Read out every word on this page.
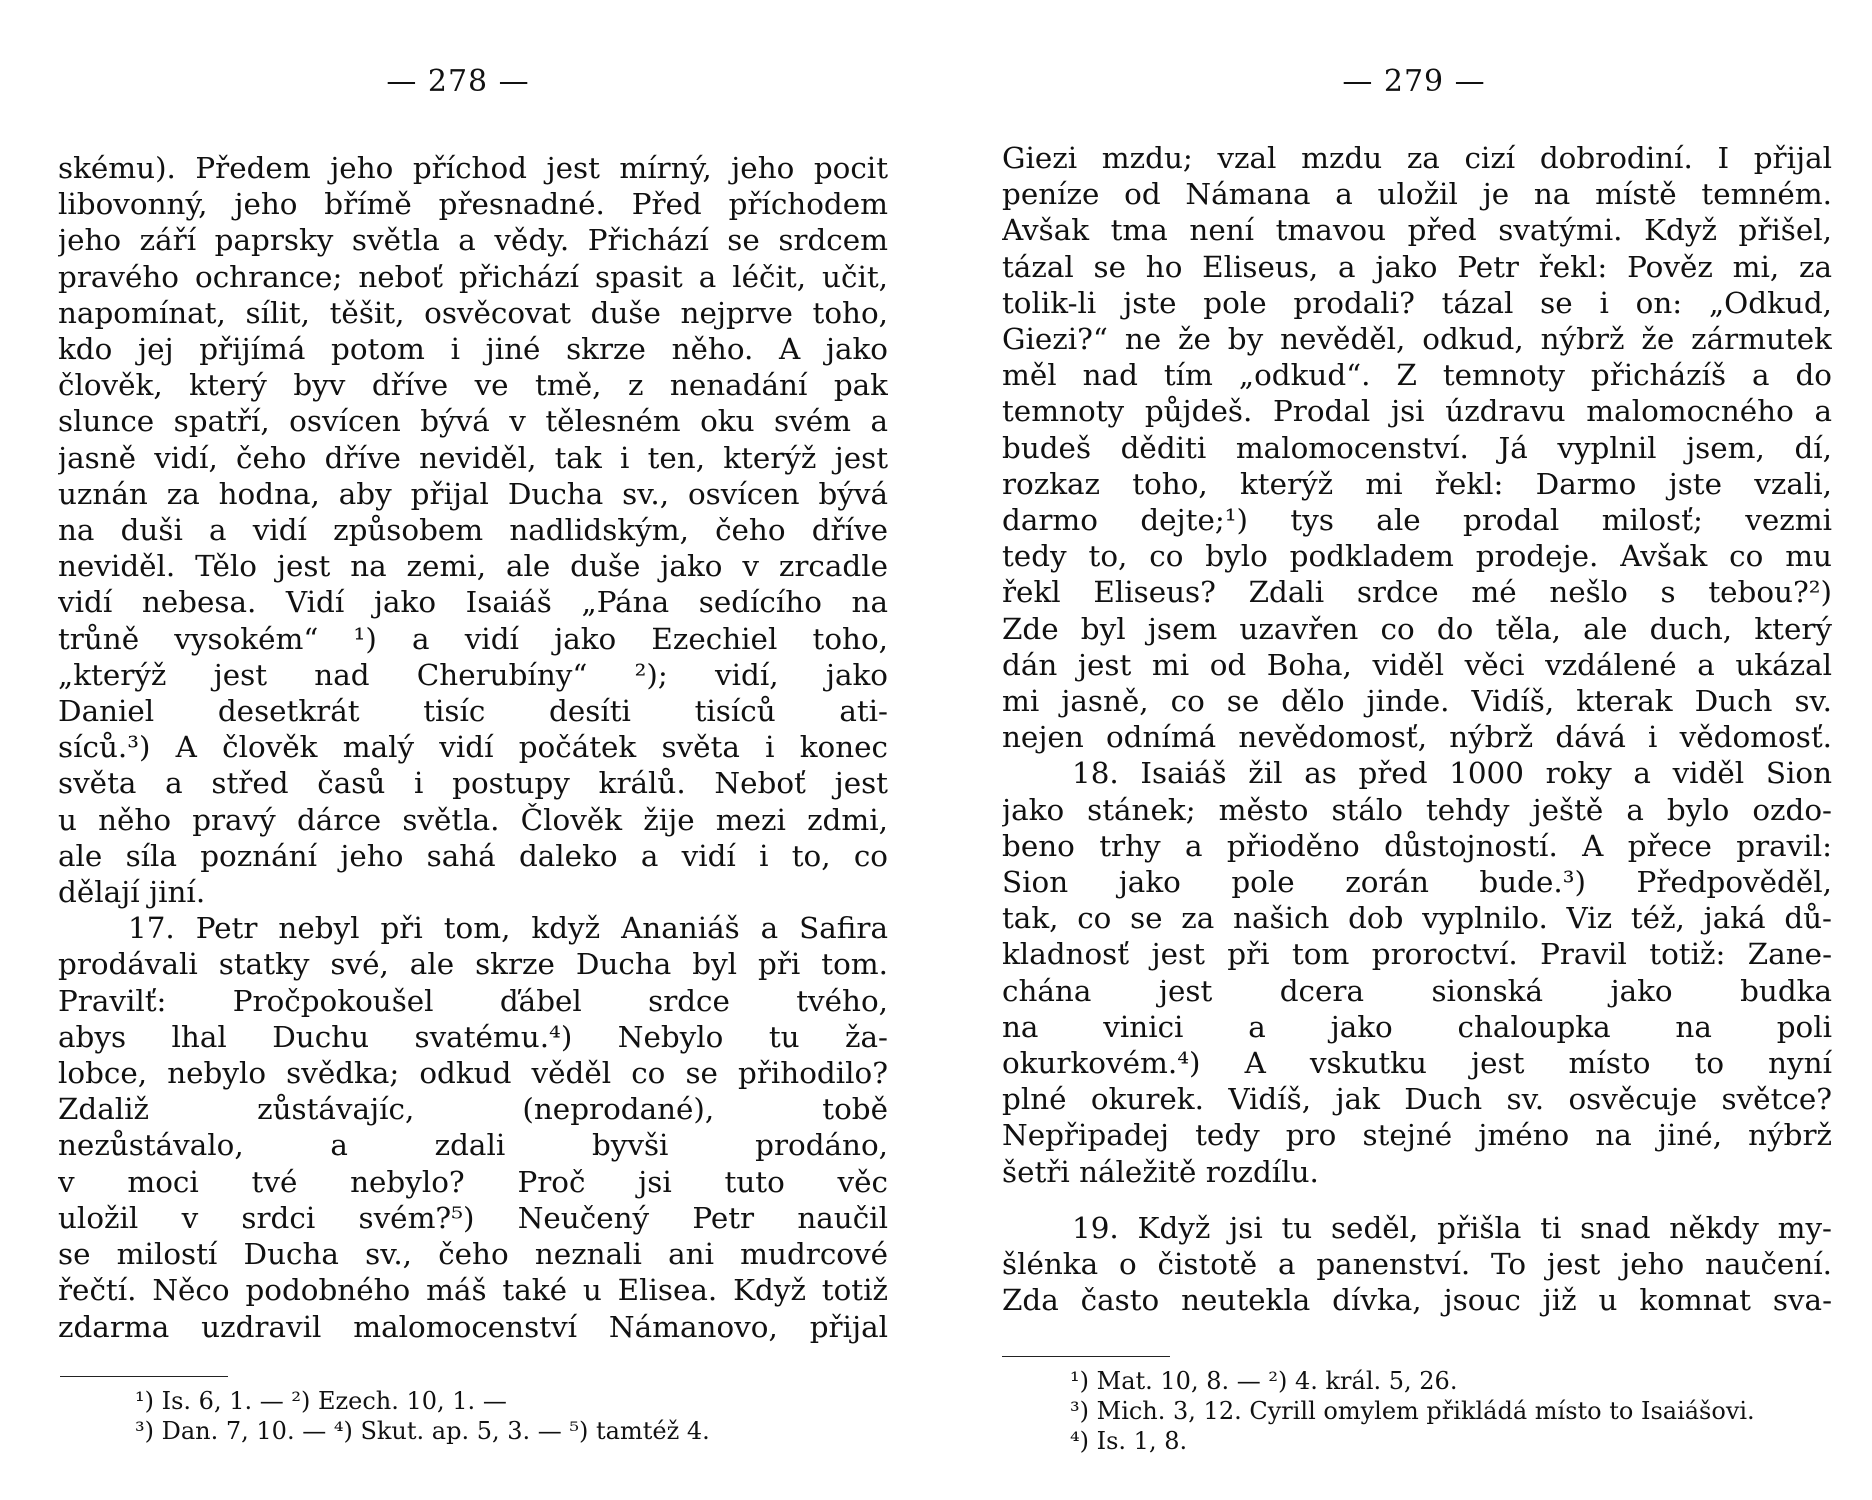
— 278 —
skému). Předem jeho příchod jest mírný, jeho pocit
libovonný, jeho břímě přesnadné. Před příchodem
jeho září paprsky světla a vědy. Přichází se srdcem
pravého ochrance; neboť přichází spasit a léčit, učit,
napomínat, sílit, těšit, osvěcovat duše nejprve toho,
kdo jej přijímá potom i jiné skrze něho. A jako
člověk, který byv dříve ve tmě, z nenadání pak
slunce spatří, osvícen bývá v tělesném oku svém a
jasně vidí, čeho dříve neviděl, tak i ten, kterýž jest
uznán za hodna, aby přijal Ducha sv., osvícen bývá
na duši a vidí způsobem nadlidským, čeho dříve
neviděl. Tělo jest na zemi, ale duše jako v zrcadle
vidí nebesa. Vidí jako Isaiáš „Pána sedícího na
trůně vysokém“ ¹) a vidí jako Ezechiel toho,
„kterýž jest nad Cherubíny“ ²); vidí, jako
Daniel desetkrát tisíc desíti tisíců ati-
síců.³) A člověk malý vidí počátek světa i konec
světa a střed časů i postupy králů. Neboť jest
u něho pravý dárce světla. Člověk žije mezi zdmi,
ale síla poznání jeho sahá daleko a vidí i to, co
dělají jiní.
17. Petr nebyl při tom, když Ananiáš a Safira
prodávali statky své, ale skrze Ducha byl při tom.
Pravilť: Pročpokoušel ďábel srdce tvého,
abys lhal Duchu svatému.⁴) Nebylo tu ža-
lobce, nebylo svědka; odkud věděl co se přihodilo?
Zdaliž zůstávajíc, (neprodané), tobě
nezůstávalo, a zdali byvši prodáno,
v moci tvé nebylo? Proč jsi tuto věc
uložil v srdci svém?⁵) Neučený Petr naučil
se milostí Ducha sv., čeho neznali ani mudrcové
řečtí. Něco podobného máš také u Elisea. Když totiž
zdarma uzdravil malomocenství Námanovo, přijal
¹) Is. 6, 1. — ²) Ezech. 10, 1. —
³) Dan. 7, 10. — ⁴) Skut. ap. 5, 3. — ⁵) tamtéž 4.
— 279 —
Giezi mzdu; vzal mzdu za cizí dobrodiní. I přijal
peníze od Námana a uložil je na místě temném.
Avšak tma není tmavou před svatými. Když přišel,
tázal se ho Eliseus, a jako Petr řekl: Pověz mi, za
tolik-li jste pole prodali? tázal se i on: „Odkud,
Giezi?“ ne že by nevěděl, odkud, nýbrž že zármutek
měl nad tím „odkud“. Z temnoty přicházíš a do
temnoty půjdeš. Prodal jsi úzdravu malomocného a
budeš děditi malomocenství. Já vyplnil jsem, dí,
rozkaz toho, kterýž mi řekl: Darmo jste vzali,
darmo dejte;¹) tys ale prodal milosť; vezmi
tedy to, co bylo podkladem prodeje. Avšak co mu
řekl Eliseus? Zdali srdce mé nešlo s tebou?²)
Zde byl jsem uzavřen co do těla, ale duch, který
dán jest mi od Boha, viděl věci vzdálené a ukázal
mi jasně, co se dělo jinde. Vidíš, kterak Duch sv.
nejen odnímá nevědomosť, nýbrž dává i vědomosť.
18. Isaiáš žil as před 1000 roky a viděl Sion
jako stánek; město stálo tehdy ještě a bylo ozdo-
beno trhy a přioděno důstojností. A přece pravil:
Sion jako pole zorán bude.³) Předpověděl,
tak, co se za našich dob vyplnilo. Viz též, jaká dů-
kladnosť jest při tom proroctví. Pravil totiž: Zane-
chána jest dcera sionská jako budka
na vinici a jako chaloupka na poli
okurkovém.⁴) A vskutku jest místo to nyní
plné okurek. Vidíš, jak Duch sv. osvěcuje světce?
Nepřipadej tedy pro stejné jméno na jiné, nýbrž
šetři náležitě rozdílu.
19. Když jsi tu seděl, přišla ti snad někdy my-
šlénka o čistotě a panenství. To jest jeho naučení.
Zda často neutekla dívka, jsouc již u komnat sva-
¹) Mat. 10, 8. — ²) 4. král. 5, 26.
³) Mich. 3, 12. Cyrill omylem přikládá místo to Isaiášovi.
⁴) Is. 1, 8.
